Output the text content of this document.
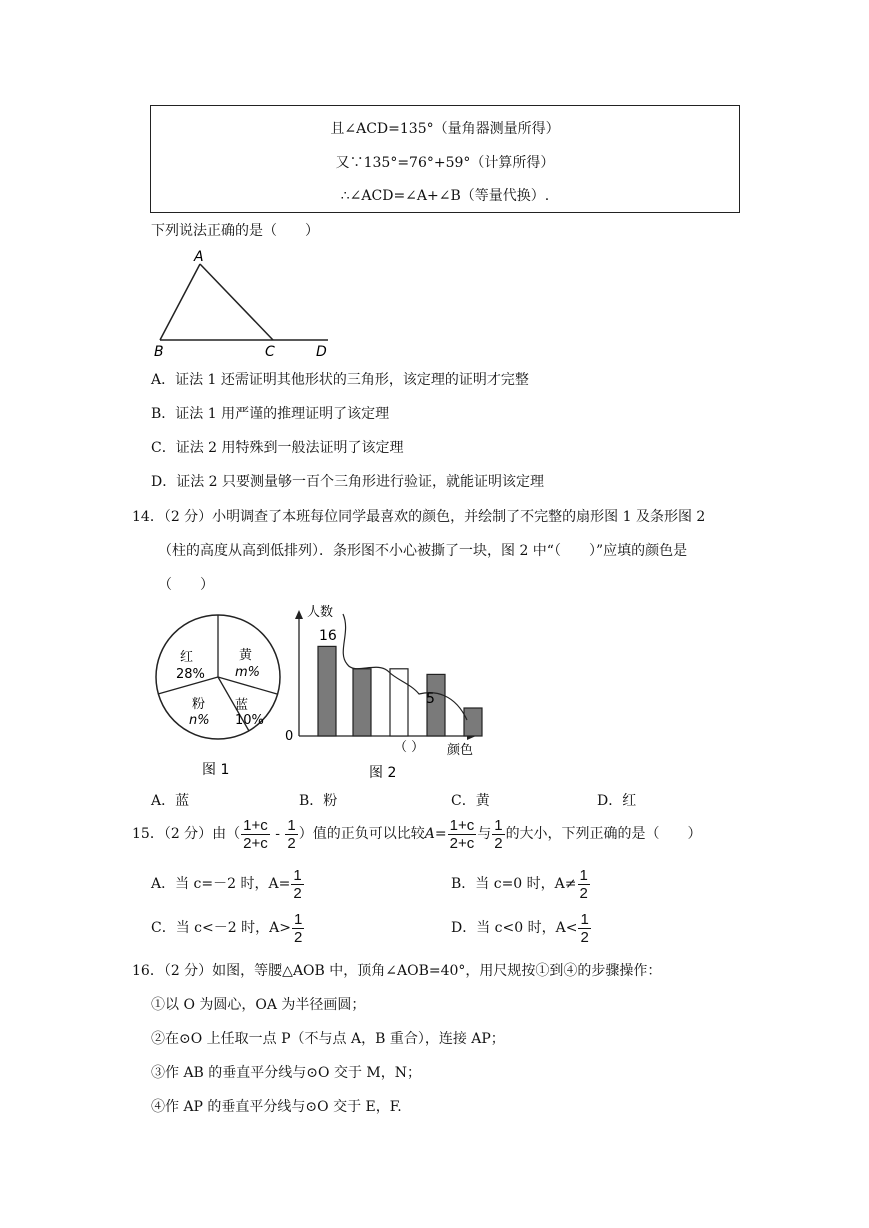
且∠ACD=135°（量角器测量所得）
又∵135°=76°+59°（计算所得）
∴∠ACD=∠A+∠B（等量代换）.
下列说法正确的是（　　）
A
B	C	D
A．证法 1 还需证明其他形状的三角形，该定理的证明才完整
B．证法 1 用严谨的推理证明了该定理
C．证法 2 用特殊到一般法证明了该定理
D．证法 2 只要测量够一百个三角形进行验证，就能证明该定理
14．（2 分）小明调查了本班每位同学最喜欢的颜色，并绘制了不完整的扇形图 1 及条形图 2
（柱的高度从高到低排列）．条形图不小心被撕了一块，图 2 中“（　　）”应填的颜色是
（　　）
红
28%
黄
m%
蓝
10%
粉
n%
图 1
人数
0
颜色
（ ）
16
5
图 2
A．蓝	B．粉	C．黄	D．红
15．（2 分）由（ $\frac{1+c}{2+c} - \frac{1}{2}$ ）值的正负可以比较$A= \frac{1+c}{2+c}$ 与 $\frac{1}{2}$ 的大小，下列正确的是（　　）
A．当 c=－2 时，$A= \frac{1}{2}$	B．当 c=0 时，$A\ne \frac{1}{2}$
C．当 c<－2 时，$A> \frac{1}{2}$	D．当 c<0 时，$A< \frac{1}{2}$
16．（2 分）如图，等腰△AOB 中，顶角∠AOB=40°，用尺规按①到④的步骤操作：
①以 O 为圆心，OA 为半径画圆；
②在⊙O 上任取一点 P（不与点 A，B 重合），连接 AP；
③作 AB 的垂直平分线与⊙O 交于 M，N；
④作 AP 的垂直平分线与⊙O 交于 E，F.
